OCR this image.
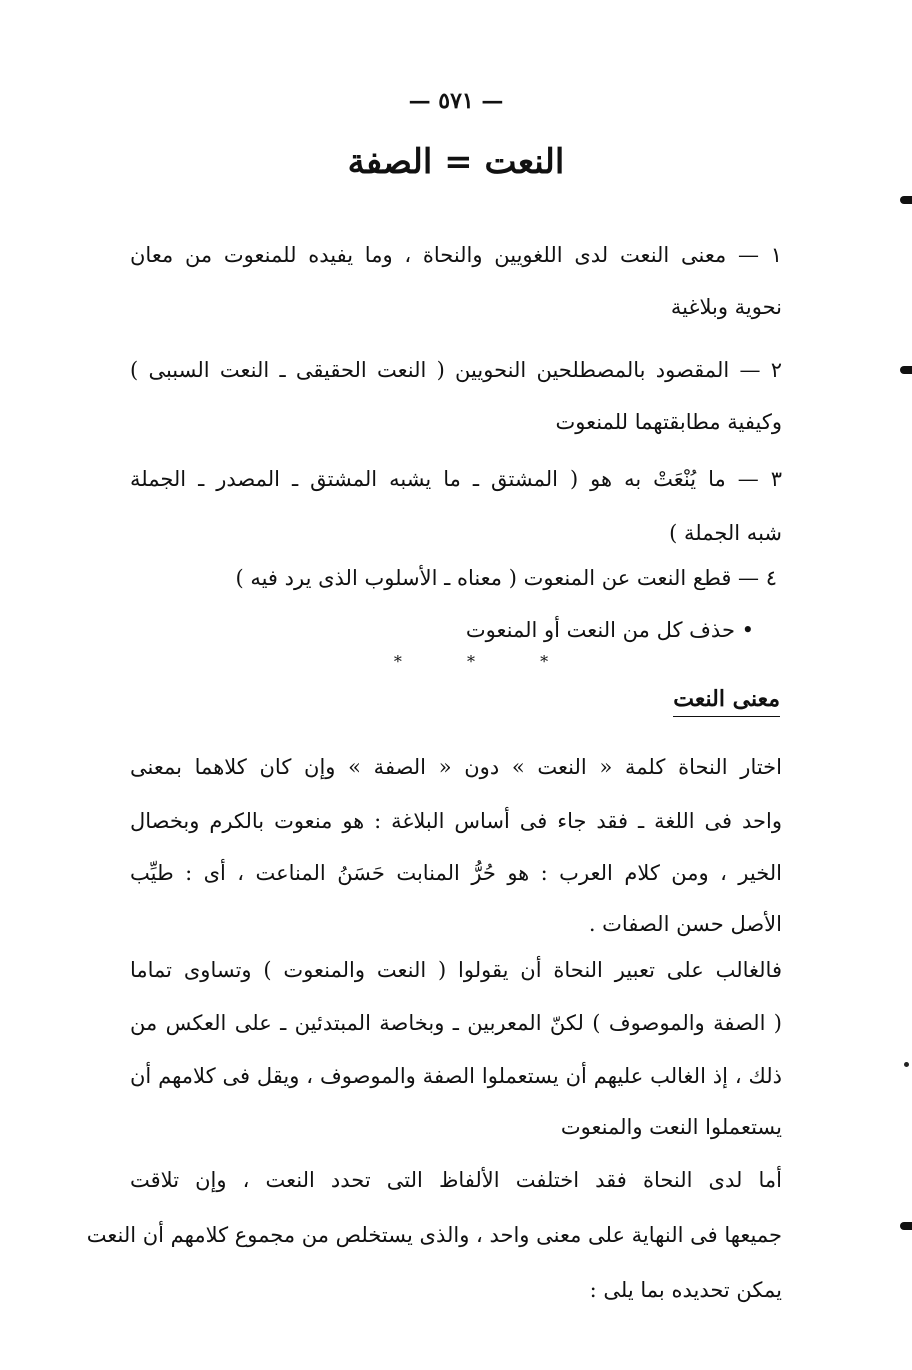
— ٥٧١ —
النعت = الصفة
١ — معنى النعت لدى اللغويين والنحاة ، وما يفيده للمنعوت من معان
نحوية وبلاغية
٢ — المقصود بالمصطلحين النحويين ( النعت الحقيقى ـ النعت السببى )
وكيفية مطابقتهما للمنعوت
٣ — ما يُنْعَتْ به هو ( المشتق ـ ما يشبه المشتق ـ المصدر ـ الجملة
شبه الجملة )
٤ — قطع النعت عن المنعوت ( معناه ـ الأسلوب الذى يرد فيه )
• حذف كل من النعت أو المنعوت
* * *
معنى النعت
اختار النحاة كلمة « النعت » دون « الصفة » وإن كان كلاهما بمعنى
واحد فى اللغة ـ فقد جاء فى أساس البلاغة : هو منعوت بالكرم وبخصال
الخير ، ومن كلام العرب : هو حُرُّ المنابت حَسَنُ المناعت ، أى : طيِّب
الأصل حسن الصفات .
فالغالب على تعبير النحاة أن يقولوا ( النعت والمنعوت ) وتساوى تماما
( الصفة والموصوف ) لكنّ المعربين ـ وبخاصة المبتدئين ـ على العكس من
ذلك ، إذ الغالب عليهم أن يستعملوا الصفة والموصوف ، ويقل فى كلامهم أن
يستعملوا النعت والمنعوت
أما لدى النحاة فقد اختلفت الألفاظ التى تحدد النعت ، وإن تلاقت
جميعها فى النهاية على معنى واحد ، والذى يستخلص من مجموع كلامهم أن النعت
يمكن تحديده بما يلى :
